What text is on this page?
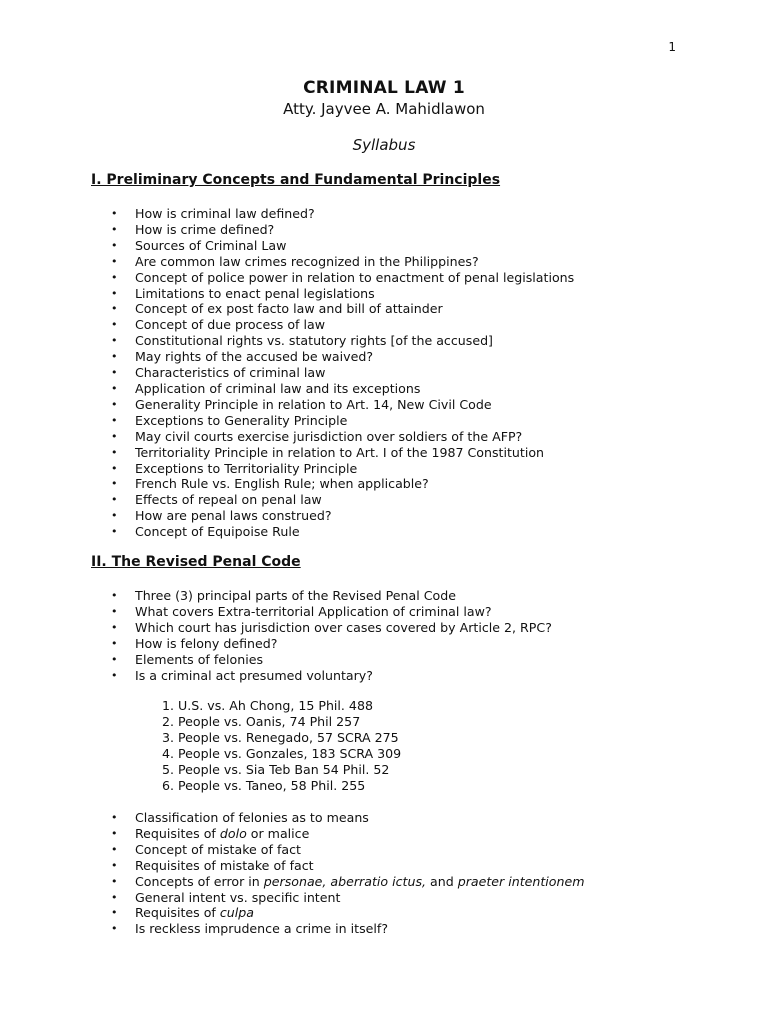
1
CRIMINAL LAW 1
Atty. Jayvee A. Mahidlawon
Syllabus
I. Preliminary Concepts and Fundamental Principles
• How is criminal law defined?
• How is crime defined?
• Sources of Criminal Law
• Are common law crimes recognized in the Philippines?
• Concept of police power in relation to enactment of penal legislations
• Limitations to enact penal legislations
• Concept of ex post facto law and bill of attainder
• Concept of due process of law
• Constitutional rights vs. statutory rights [of the accused]
• May rights of the accused be waived?
• Characteristics of criminal law
• Application of criminal law and its exceptions
• Generality Principle in relation to Art. 14, New Civil Code
• Exceptions to Generality Principle
• May civil courts exercise jurisdiction over soldiers of the AFP?
• Territoriality Principle in relation to Art. I of the 1987 Constitution
• Exceptions to Territoriality Principle
• French Rule vs. English Rule; when applicable?
• Effects of repeal on penal law
• How are penal laws construed?
• Concept of Equipoise Rule
II. The Revised Penal Code
• Three (3) principal parts of the Revised Penal Code
• What covers Extra-territorial Application of criminal law?
• Which court has jurisdiction over cases covered by Article 2, RPC?
• How is felony defined?
• Elements of felonies
• Is a criminal act presumed voluntary?
1. U.S. vs. Ah Chong, 15 Phil. 488
2. People vs. Oanis, 74 Phil 257
3. People vs. Renegado, 57 SCRA 275
4. People vs. Gonzales, 183 SCRA 309
5. People vs. Sia Teb Ban 54 Phil. 52
6. People vs. Taneo, 58 Phil. 255
• Classification of felonies as to means
• Requisites of dolo or malice
• Concept of mistake of fact
• Requisites of mistake of fact
• Concepts of error in personae, aberratio ictus, and praeter intentionem
• General intent vs. specific intent
• Requisites of culpa
• Is reckless imprudence a crime in itself?
